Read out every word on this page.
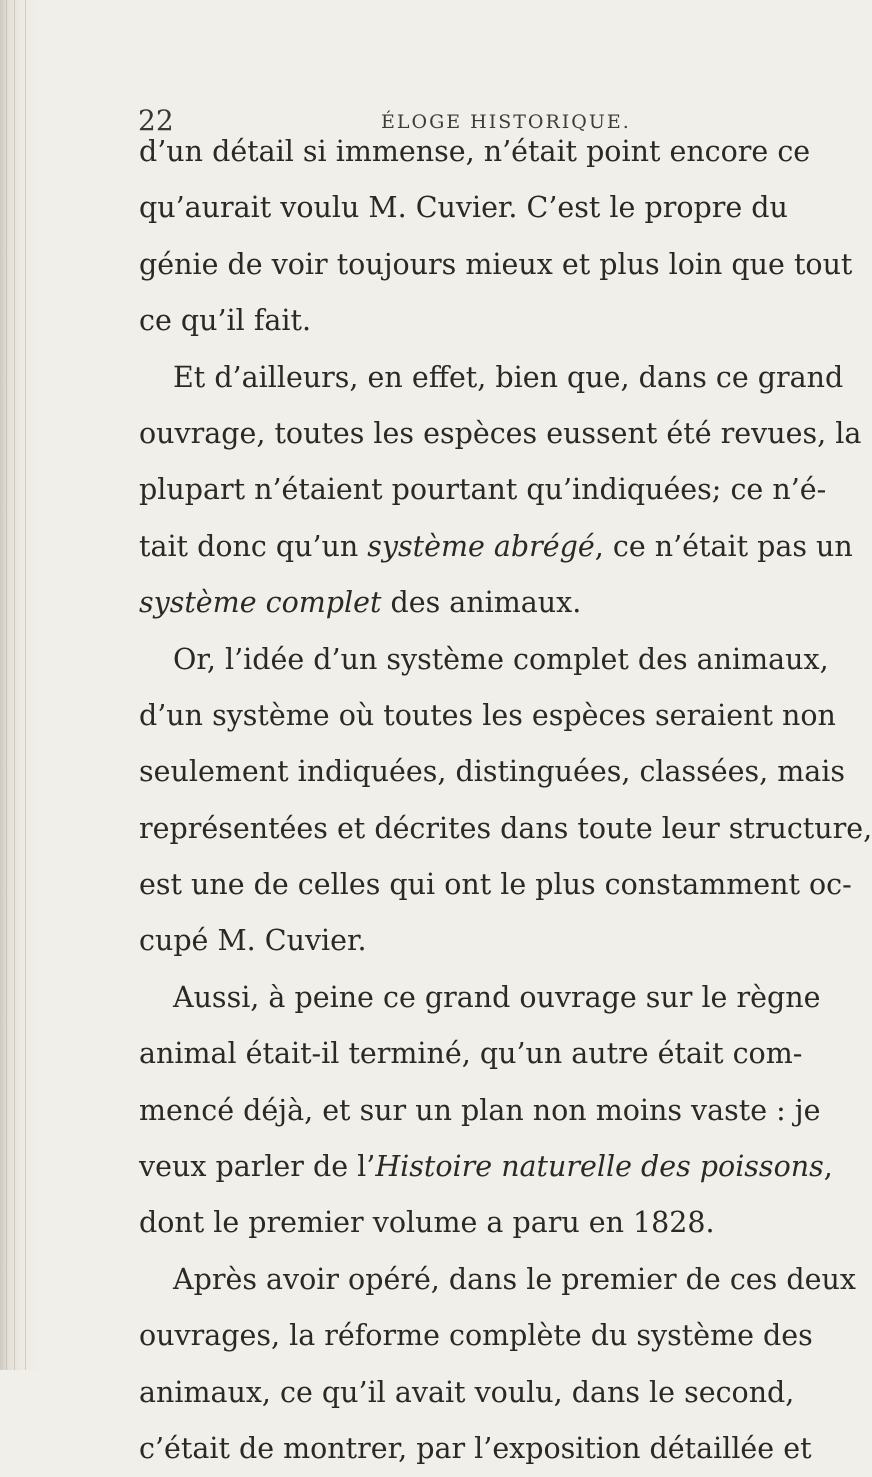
22	ÉLOGE HISTORIQUE.
d’un détail si immense, n’était point encore ce
qu’aurait voulu M. Cuvier. C’est le propre du
génie de voir toujours mieux et plus loin que tout
ce qu’il fait.
Et d’ailleurs, en effet, bien que, dans ce grand
ouvrage, toutes les espèces eussent été revues, la
plupart n’étaient pourtant qu’indiquées; ce n’é-
tait donc qu’un système abrégé, ce n’était pas un
système complet des animaux.
Or, l’idée d’un système complet des animaux,
d’un système où toutes les espèces seraient non
seulement indiquées, distinguées, classées, mais
représentées et décrites dans toute leur structure,
est une de celles qui ont le plus constamment oc-
cupé M. Cuvier.
Aussi, à peine ce grand ouvrage sur le règne
animal était-il terminé, qu’un autre était com-
mencé déjà, et sur un plan non moins vaste : je
veux parler de l’Histoire naturelle des poissons,
dont le premier volume a paru en 1828.
Après avoir opéré, dans le premier de ces deux
ouvrages, la réforme complète du système des
animaux, ce qu’il avait voulu, dans le second,
c’était de montrer, par l’exposition détaillée et
